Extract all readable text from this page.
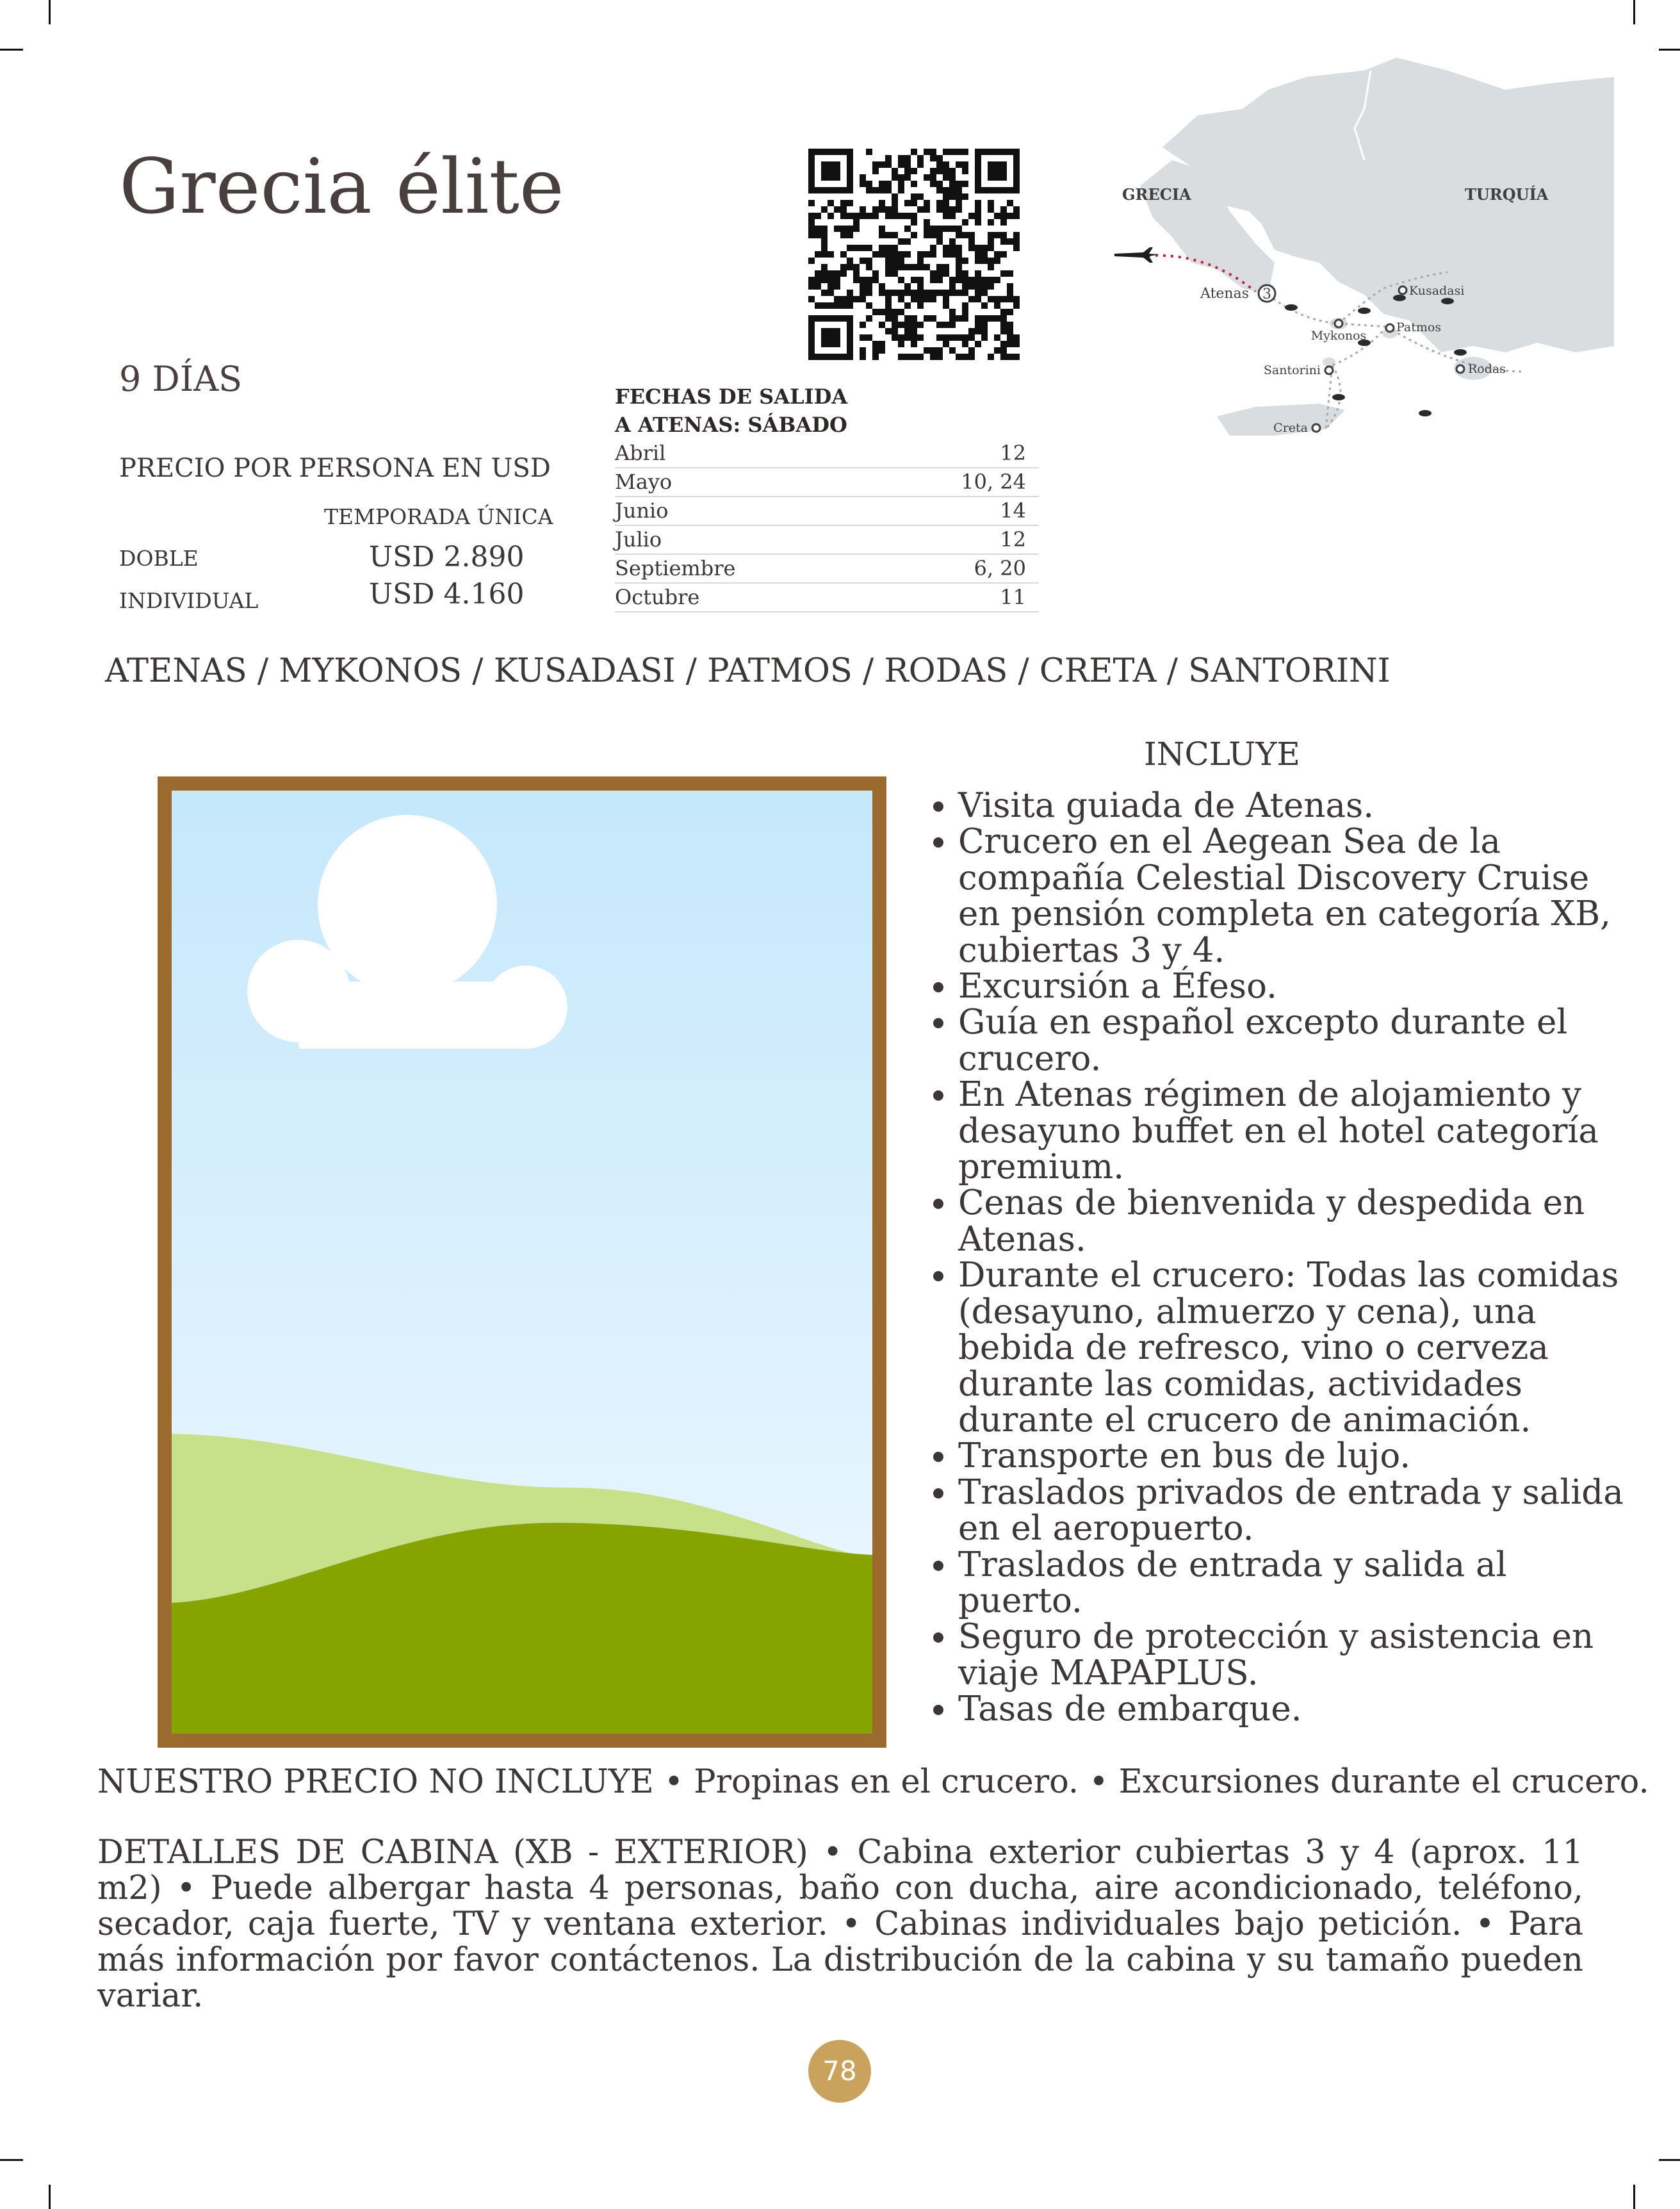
Grecia élite
9 DÍAS
PRECIO POR PERSONA EN USD
TEMPORADA ÚNICA
DOBLE	USD 2.890
INDIVIDUAL	USD 4.160
FECHAS DE SALIDA
A ATENAS: SÁBADO
Abril	12
Mayo	10, 24
Junio	14
Julio	12
Septiembre	6, 20
Octubre	11
3
Atenas
Mykonos
Kusadasi
Patmos
Santorini	Rodas
Creta
GRECIA	TURQUÍA
ATENAS / MYKONOS / KUSADASI / PATMOS / RODAS / CRETA / SANTORINI
INCLUYE
• Visita guiada de Atenas.
• Crucero en el Aegean Sea de la compañía Celestial Discovery Cruise en pensión completa en categoría XB, cubiertas 3 y 4.
• Excursión a Éfeso.
• Guía en español excepto durante el crucero.
• En Atenas régimen de alojamiento y desayuno buffet en el hotel categoría premium.
• Cenas de bienvenida y despedida en Atenas.
• Durante el crucero: Todas las comidas (desayuno, almuerzo y cena), una bebida de refresco, vino o cerveza durante las comidas, actividades durante el crucero de animación.
• Transporte en bus de lujo.
• Traslados privados de entrada y salida en el aeropuerto.
• Traslados de entrada y salida al puerto.
• Seguro de protección y asistencia en viaje MAPAPLUS.
• Tasas de embarque.
NUESTRO PRECIO NO INCLUYE • Propinas en el crucero. • Excursiones durante el crucero.
DETALLES DE CABINA (XB - EXTERIOR) • Cabina exterior cubiertas 3 y 4 (aprox. 11 m2) • Puede albergar hasta 4 personas, baño con ducha, aire acondicionado, teléfono, secador, caja fuerte, TV y ventana exterior. • Cabinas individuales bajo petición. • Para más información por favor contáctenos. La distribución de la cabina y su tamaño pueden variar.
78
